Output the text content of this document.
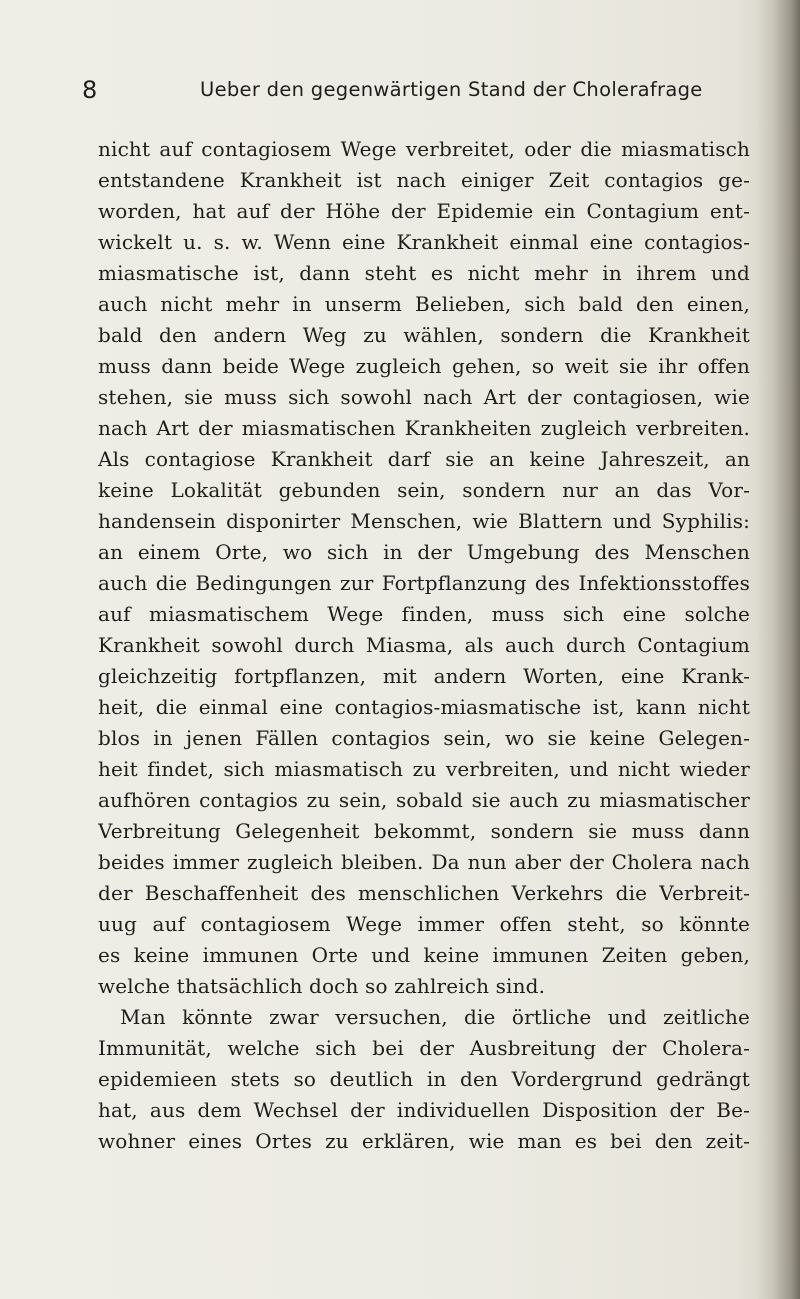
8	Ueber den gegenwärtigen Stand der Cholerafrage
nicht auf contagiosem Wege verbreitet, oder die miasmatisch
entstandene Krankheit ist nach einiger Zeit contagios ge-
worden, hat auf der Höhe der Epidemie ein Contagium ent-
wickelt u. s. w. Wenn eine Krankheit einmal eine contagios-
miasmatische ist, dann steht es nicht mehr in ihrem und
auch nicht mehr in unserm Belieben, sich bald den einen,
bald den andern Weg zu wählen, sondern die Krankheit
muss dann beide Wege zugleich gehen, so weit sie ihr offen
stehen, sie muss sich sowohl nach Art der contagiosen, wie
nach Art der miasmatischen Krankheiten zugleich verbreiten.
Als contagiose Krankheit darf sie an keine Jahreszeit, an
keine Lokalität gebunden sein, sondern nur an das Vor-
handensein disponirter Menschen, wie Blattern und Syphilis:
an einem Orte, wo sich in der Umgebung des Menschen
auch die Bedingungen zur Fortpflanzung des Infektionsstoffes
auf miasmatischem Wege finden, muss sich eine solche
Krankheit sowohl durch Miasma, als auch durch Contagium
gleichzeitig fortpflanzen, mit andern Worten, eine Krank-
heit, die einmal eine contagios-miasmatische ist, kann nicht
blos in jenen Fällen contagios sein, wo sie keine Gelegen-
heit findet, sich miasmatisch zu verbreiten, und nicht wieder
aufhören contagios zu sein, sobald sie auch zu miasmatischer
Verbreitung Gelegenheit bekommt, sondern sie muss dann
beides immer zugleich bleiben. Da nun aber der Cholera nach
der Beschaffenheit des menschlichen Verkehrs die Verbreit-
uug auf contagiosem Wege immer offen steht, so könnte
es keine immunen Orte und keine immunen Zeiten geben,
welche thatsächlich doch so zahlreich sind.
Man könnte zwar versuchen, die örtliche und zeitliche
Immunität, welche sich bei der Ausbreitung der Cholera-
epidemieen stets so deutlich in den Vordergrund gedrängt
hat, aus dem Wechsel der individuellen Disposition der Be-
wohner eines Ortes zu erklären, wie man es bei den zeit-
